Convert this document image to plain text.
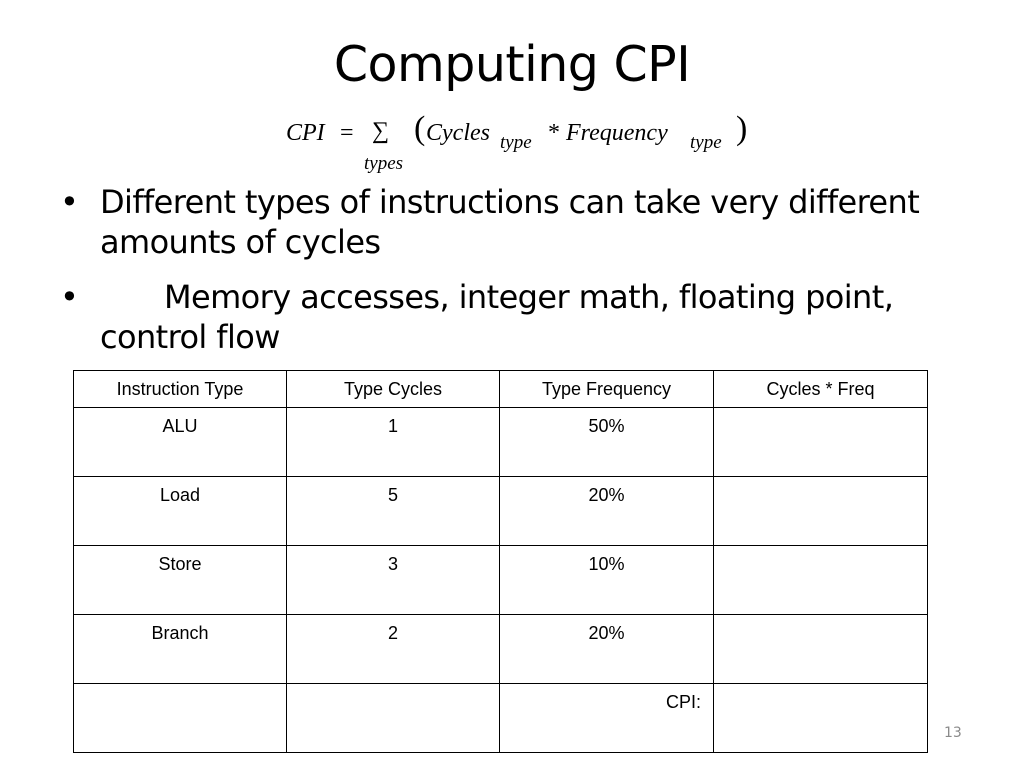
Computing CPI
CPI = ∑
types
( Cycles type * Frequency type )
• Different types of instructions can take very different amounts of cycles
•	Memory accesses, integer math, floating point, control flow
Instruction Type	Type Cycles	Type Frequency	Cycles * Freq
ALU	1	50%	
Load	5	20%	
Store	3	10%	
Branch	2	20%	
		CPI:	
13
